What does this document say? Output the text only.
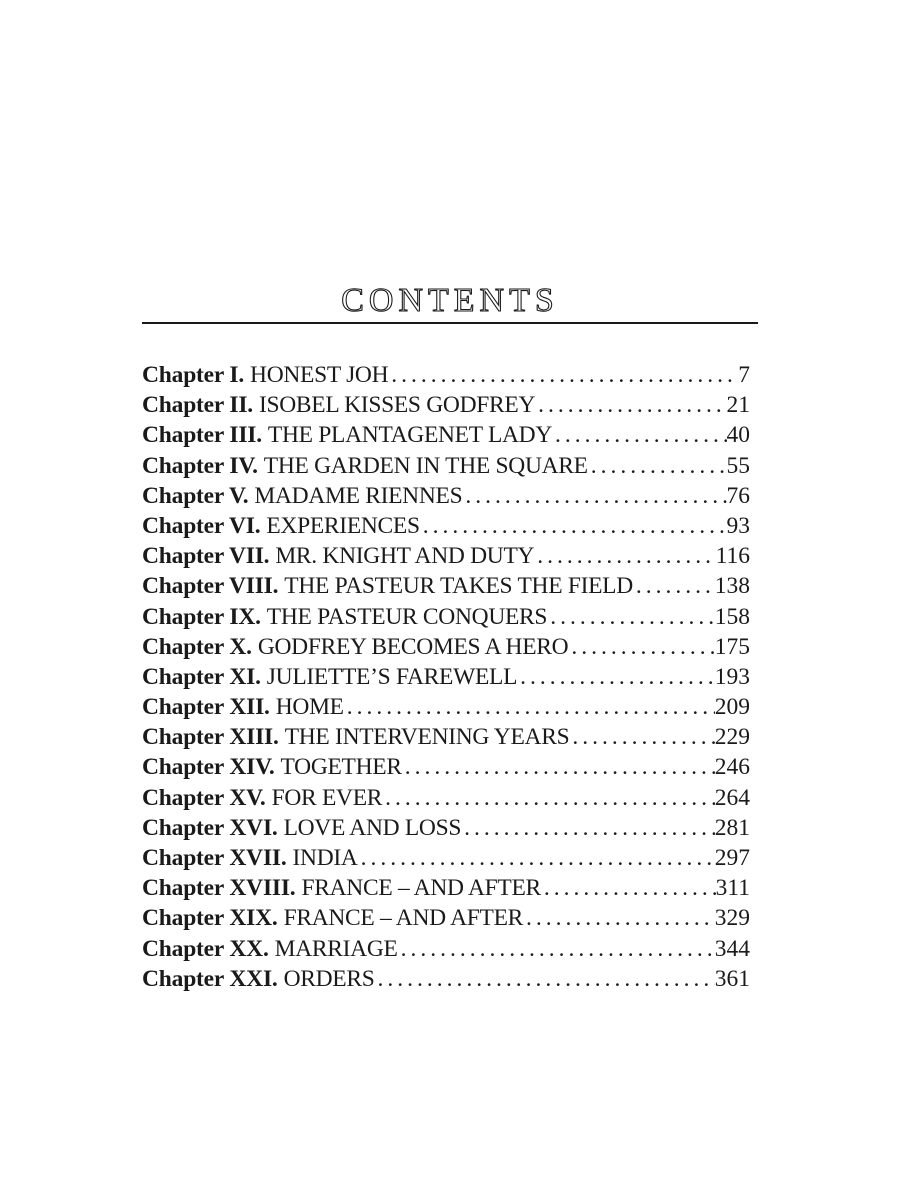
CONTENTS
Chapter I. HONEST JOH .....	7
Chapter II. ISOBEL KISSES GODFREY .....	21
Chapter III. THE PLANTAGENET LADY .....	40
Chapter IV. THE GARDEN IN THE SQUARE .....	55
Chapter V. MADAME RIENNES .....	76
Chapter VI. EXPERIENCES .....	93
Chapter VII. MR. KNIGHT AND DUTY .....	116
Chapter VIII. THE PASTEUR TAKES THE FIELD .....	138
Chapter IX. THE PASTEUR CONQUERS .....	158
Chapter X. GODFREY BECOMES A HERO .....	175
Chapter XI. JULIETTE’S FAREWELL .....	193
Chapter XII. HOME .....	209
Chapter XIII. THE INTERVENING YEARS .....	229
Chapter XIV. TOGETHER .....	246
Chapter XV. FOR EVER .....	264
Chapter XVI. LOVE AND LOSS .....	281
Chapter XVII. INDIA .....	297
Chapter XVIII. FRANCE – AND AFTER .....	311
Chapter XIX. FRANCE – AND AFTER .....	329
Chapter XX. MARRIAGE .....	344
Chapter XXI. ORDERS .....	361
